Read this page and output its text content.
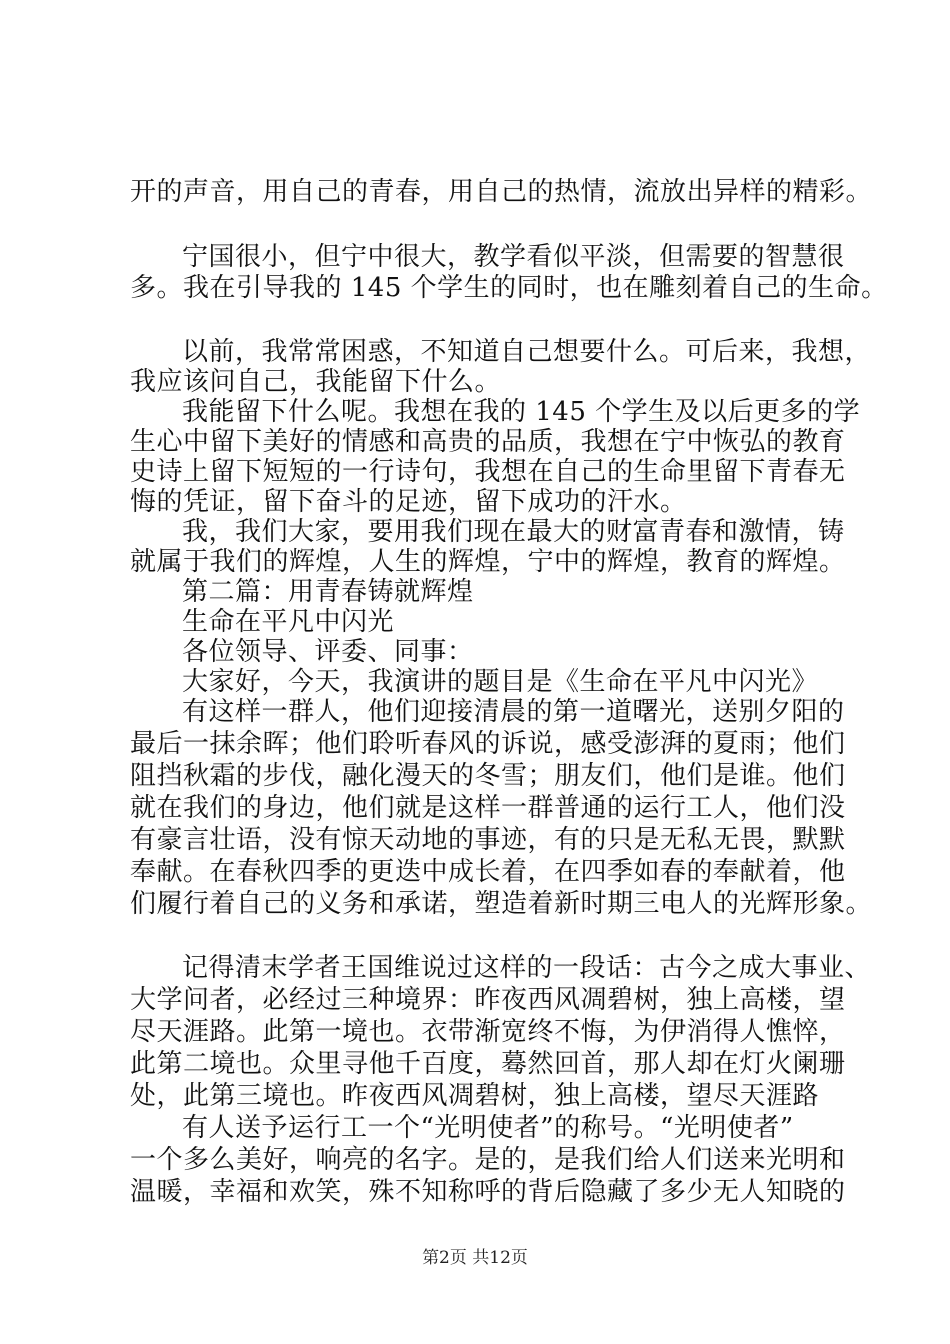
开的声音，用自己的青春，用自己的热情，流放出异样的精彩。
宁国很小，但宁中很大，教学看似平淡，但需要的智慧很
多。我在引导我的 145 个学生的同时，也在雕刻着自己的生命。
以前，我常常困惑，不知道自己想要什么。可后来，我想，
我应该问自己，我能留下什么。
我能留下什么呢。我想在我的 145 个学生及以后更多的学
生心中留下美好的情感和高贵的品质，我想在宁中恢弘的教育
史诗上留下短短的一行诗句，我想在自己的生命里留下青春无
悔的凭证，留下奋斗的足迹，留下成功的汗水。
我，我们大家，要用我们现在最大的财富青春和激情，铸
就属于我们的辉煌，人生的辉煌，宁中的辉煌，教育的辉煌。
第二篇：用青春铸就辉煌
生命在平凡中闪光
各位领导、评委、同事：
大家好，今天，我演讲的题目是《生命在平凡中闪光》
有这样一群人，他们迎接清晨的第一道曙光，送别夕阳的
最后一抹余晖；他们聆听春风的诉说，感受澎湃的夏雨；他们
阻挡秋霜的步伐，融化漫天的冬雪；朋友们，他们是谁。他们
就在我们的身边，他们就是这样一群普通的运行工人，他们没
有豪言壮语，没有惊天动地的事迹，有的只是无私无畏，默默
奉献。在春秋四季的更迭中成长着，在四季如春的奉献着，他
们履行着自己的义务和承诺，塑造着新时期三电人的光辉形象。
记得清末学者王国维说过这样的一段话：古今之成大事业、
大学问者，必经过三种境界：昨夜西风凋碧树，独上高楼，望
尽天涯路。此第一境也。衣带渐宽终不悔，为伊消得人憔悴，
此第二境也。众里寻他千百度，蓦然回首，那人却在灯火阑珊
处，此第三境也。昨夜西风凋碧树，独上高楼，望尽天涯路
有人送予运行工一个“光明使者”的称号。“光明使者”
一个多么美好，响亮的名字。是的，是我们给人们送来光明和
温暖，幸福和欢笑，殊不知称呼的背后隐藏了多少无人知晓的
第2页 共12页
